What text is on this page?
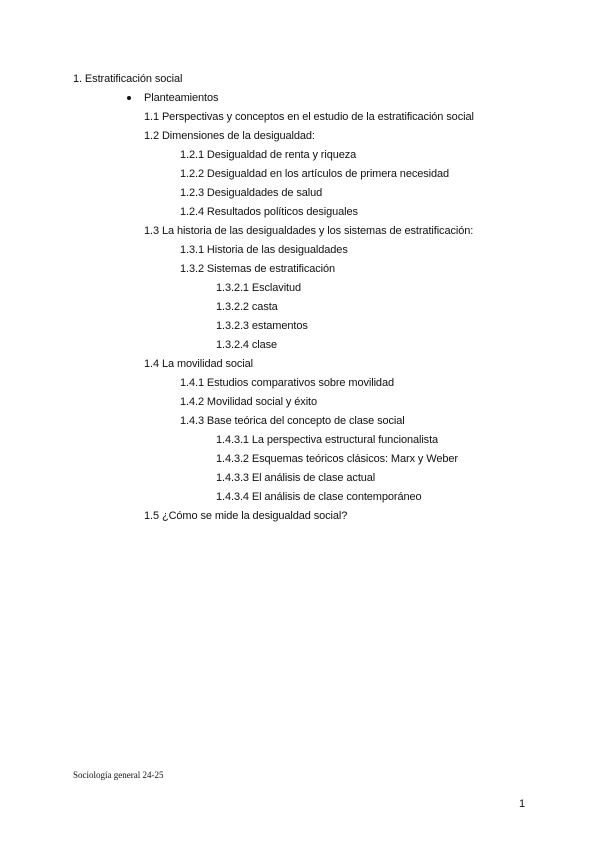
1. Estratificación social
Planteamientos
1.1 Perspectivas y conceptos en el estudio de la estratificación social
1.2 Dimensiones de la desigualdad:
1.2.1 Desigualdad de renta y riqueza
1.2.2 Desigualdad en los artículos de primera necesidad
1.2.3 Desigualdades de salud
1.2.4 Resultados políticos desiguales
1.3 La historia de las desigualdades y los sistemas de estratificación:
1.3.1 Historia de las desigualdades
1.3.2 Sistemas de estratificación
1.3.2.1 Esclavitud
1.3.2.2 casta
1.3.2.3 estamentos
1.3.2.4 clase
1.4 La movilidad social
1.4.1 Estudios comparativos sobre movilidad
1.4.2 Movilidad social y éxito
1.4.3 Base teórica del concepto de clase social
1.4.3.1 La perspectiva estructural funcionalista
1.4.3.2 Esquemas teóricos clásicos: Marx y Weber
1.4.3.3 El análisis de clase actual
1.4.3.4 El análisis de clase contemporáneo
1.5 ¿Cómo se mide la desigualdad social?
Sociología general 24-25
1
